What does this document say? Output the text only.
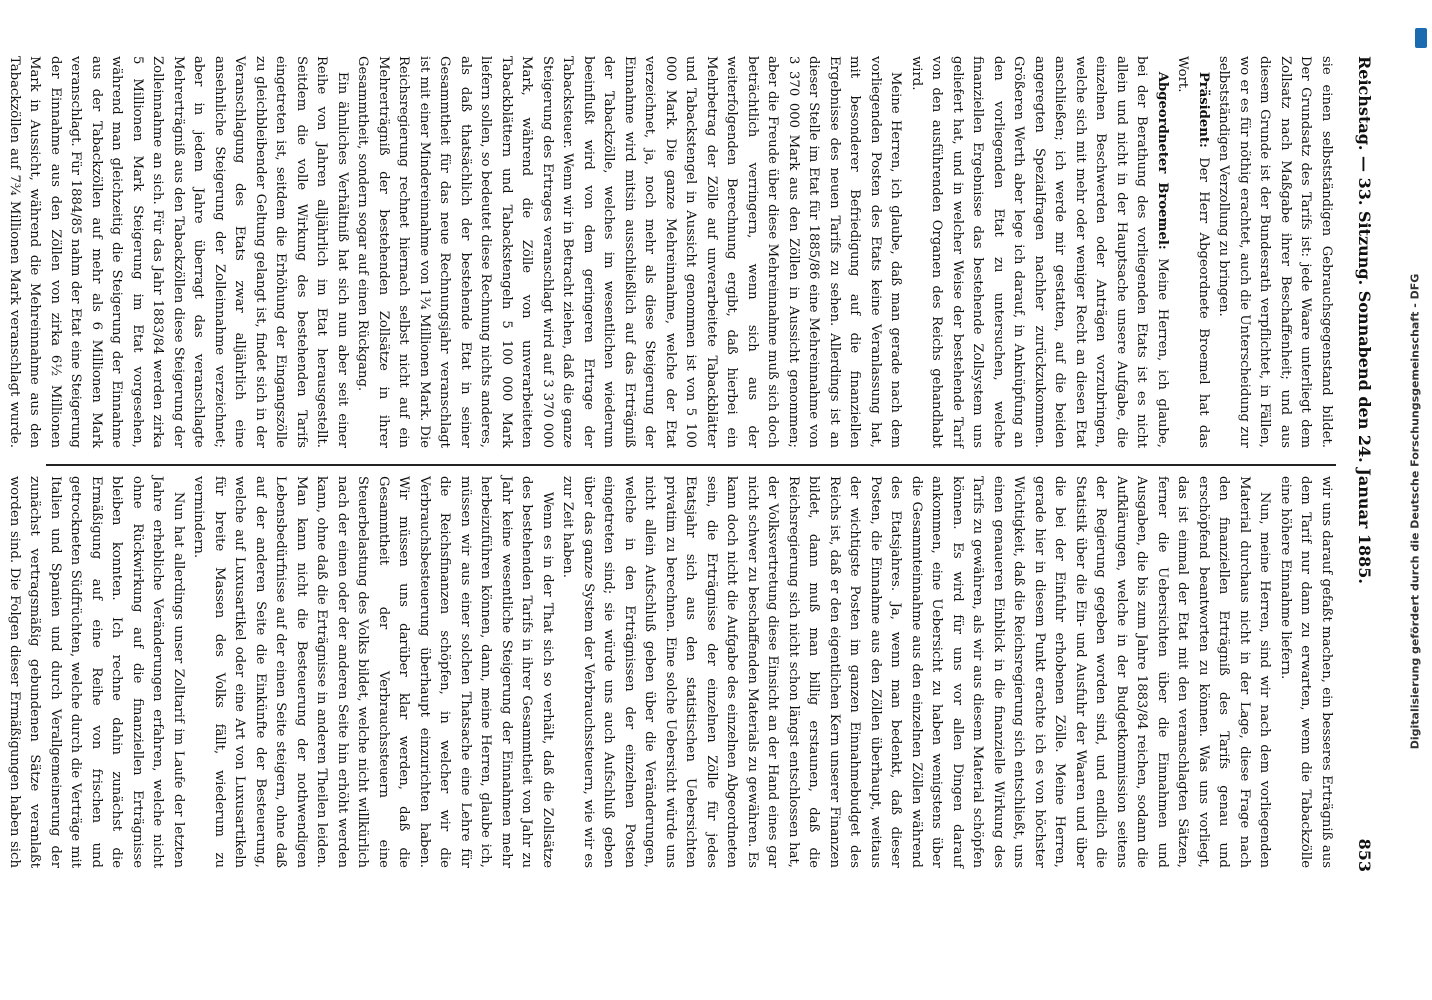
Reichstag. — 33. Sitzung. Sonnabend den 24. Januar 1885.
853

sie einen selbstständigen Gebrauchsgegenstand bildet. Der Grundsatz des Tarifs ist: jede Waare unterliegt dem Zollsatz nach Maßgabe ihrer Beschaffenheit; und aus diesem Grunde ist der Bundesrath verpflichtet, in Fällen, wo er es für nöthig erachtet, auch die Unterscheidung zur selbstständigen Verzollung zu bringen.

Präsident: Der Herr Abgeordnete Broemel hat das Wort.

Abgeordneter Broemel: Meine Herren, ich glaube, bei der Berathung des vorliegenden Etats ist es nicht allein und nicht in der Hauptsache unsere Aufgabe, die einzelnen Beschwerden oder Anträgen vorzubringen, welche sich mit mehr oder weniger Recht an diesen Etat anschließen; ich werde mir gestatten, auf die beiden angeregten Spezialfragen nachher zurückzukommen. Größeren Werth aber lege ich darauf, in Anknüpfung an den vorliegenden Etat zu untersuchen, welche finanziellen Ergebnisse das bestehende Zollsystem uns geliefert hat, und in welcher Weise der bestehende Tarif von den ausführenden Organen des Reichs gehandhabt wird.

Meine Herren, ich glaube, daß man gerade nach dem vorliegenden Posten des Etats keine Veranlassung hat, mit besonderer Befriedigung auf die finanziellen Ergebnisse des neuen Tarifs zu sehen. Allerdings ist an dieser Stelle im Etat für 1885/86 eine Mehreinnahme von 3 370 000 Mark aus den Zöllen in Aussicht genommen; aber die Freude über diese Mehreinnahme muß sich doch beträchtlich verringern, wenn sich aus der weiterfolgenden Berechnung ergibt, daß hierbei ein Mehrbetrag der Zölle auf unverarbeitete Tabackblätter und Tabackstengel in Aussicht genommen ist von 5 100 000 Mark. Die ganze Mehreinnahme, welche der Etat verzeichnet, ja, noch mehr als diese Steigerung der Einnahme wird mitsin ausschließlich auf das Erträgniß der Tabackzölle, welches im wesentlichen wiederum beeinflußt wird von dem geringeren Ertrage der Tabacksteuer. Wenn wir in Betracht ziehen, daß die ganze Steigerung des Ertrages veranschlagt wird auf 3 370 000 Mark, während die Zölle von unverarbeiteten Tabackblättern und Tabackstengeln 5 100 000 Mark liefern sollen, so bedeutet diese Rechnung nichts anderes, als daß thatsächlich der bestehende Etat in seiner Gesammtheit für das neue Rechnungsjahr veranschlagt ist mit einer Mindereinnahme von 1¾ Millionen Mark. Die Reichsregierung rechnet hiernach selbst nicht auf ein Mehrerträgniß der bestehenden Zollsätze in ihrer Gesammtheit, sondern sogar auf einen Rückgang.

Ein ähnliches Verhältniß hat sich nun aber seit einer Reihe von Jahren alljährlich im Etat herausgestellt. Seitdem die volle Wirkung des bestehenden Tarifs eingetreten ist, seitdem die Erhöhung der Eingangszölle zu gleichbleibender Geltung gelangt ist, findet sich in der Veranschlagung des Etats zwar alljährlich eine ansehnliche Steigerung der Zolleinnahme verzeichnet; aber in jedem Jahre überragt das veranschlagte Mehrerträgniß aus den Tabackzöllen diese Steigerung der Zolleinnahme an sich. Für das Jahr 1883/84 werden zirka 5 Millionen Mark Steigerung im Etat vorgesehen, während man gleichzeitig die Steigerung der Einnahme aus der Tabackzöllen auf mehr als 6 Millionen Mark veranschlagt. Für 1884/85 nahm der Etat eine Steigerung der Einnahme aus den Zöllen von zirka 6½ Millionen Mark in Aussicht, während die Mehreinnahme aus den Tabackzöllen auf 7¾ Millionen Mark veranschlagt wurde.

wir uns darauf gefaßt machen, ein besseres Erträgniß aus dem Tarif nur dann zu erwarten, wenn die Tabackzölle eine höhere Einnahme liefern.

Nun, meine Herren, sind wir nach dem vorliegenden Material durchaus nicht in der Lage, diese Frage nach den finanziellen Erträgniß des Tarifs genau und erschöpfend beantworten zu können. Was uns vorliegt, das ist einmal der Etat mit den veranschlagten Sätzen, ferner die Uebersichten über die Einnahmen und Ausgaben, die bis zum Jahre 1883/84 reichen, sodann die Aufklärungen, welche in der Budgetkommission seitens der Regierung gegeben worden sind, und endlich die Statistik über die Ein- und Ausfuhr der Waaren und über die bei der Einfuhr erhobenen Zölle. Meine Herren, gerade hier in diesem Punkt erachte ich es von höchster Wichtigkeit, daß die Reichsregierung sich entschließt, uns einen genaueren Einblick in die finanzielle Wirkung des Tarifs zu gewähren, als wir aus diesem Material schöpfen können. Es wird für uns vor allen Dingen darauf ankommen, eine Uebersicht zu haben wenigstens über die Gesammteinnahme aus den einzelnen Zöllen während des Etatsjahres. Ja, wenn man bedenkt, daß dieser Posten, die Einnahme aus den Zöllen überhaupt, weitaus der wichtigste Posten im ganzen Einnahmebudget des Reichs ist, daß er den eigentlichen Kern unserer Finanzen bildet, dann muß man billig erstaunen, daß die Reichsregierung sich nicht schon längst entschlossen hat, der Volksvertretung diese Einsicht an der Hand eines gar nicht schwer zu beschaffenden Materials zu gewähren. Es kann doch nicht die Aufgabe des einzelnen Abgeordneten sein, die Erträgnisse der einzelnen Zölle für jedes Etatsjahr sich aus den statistischen Uebersichten privatim zu berechnen. Eine solche Uebersicht würde uns nicht allein Aufschluß geben über die Veränderungen, welche in den Erträgnissen der einzelnen Posten eingetreten sind; sie würde uns auch Aufschluß geben über das ganze System der Verbrauchssteuern, wie wir es zur Zeit haben.

Wenn es in der That sich so verhält, daß die Zollsätze des bestehenden Tarifs in ihrer Gesammtheit von Jahr zu Jahr keine wesentliche Steigerung der Einnahmen mehr herbeizuführen können, dann, meine Herren, glaube ich, müssen wir aus einer solchen Thatsache eine Lehre für die Reichsfinanzen schöpfen, in welcher wir die Verbrauchsbesteuerung überhaupt einzurichten haben. Wir müssen uns darüber klar werden, daß die Gesammtheit der Verbrauchssteuern eine Steuerbelastung des Volks bildet, welche nicht willkürlich nach der einen oder der anderen Seite hin erhöht werden kann, ohne daß die Erträgnisse in anderen Theilen leiden. Man kann nicht die Besteuerung der nothwendigen Lebensbedürfnisse auf der einen Seite steigern, ohne daß auf der anderen Seite die Einkünfte der Besteuerung, welche auf Luxusartikel oder eine Art von Luxusartikeln für breite Massen des Volks fällt, wiederum zu vermindern.

Nun hat allerdings unser Zolltarif im Laufe der letzten Jahre erhebliche Veränderungen erfahren, welche nicht ohne Rückwirkung auf die finanziellen Erträgnisse bleiben konnten. Ich rechne dahin zunächst die Ermäßigung auf eine Reihe von frischen und getrockneten Südfrüchten, welche durch die Verträge mit Italien und Spanien und durch Verallgemeinerung der zunächst vertragsmäßig gebundenen Sätze veranlaßt worden sind. Die Folgen dieser Ermäßigungen haben sich

Digitalisierung gefördert durch die Deutsche Forschungsgemeinschaft - DFG
